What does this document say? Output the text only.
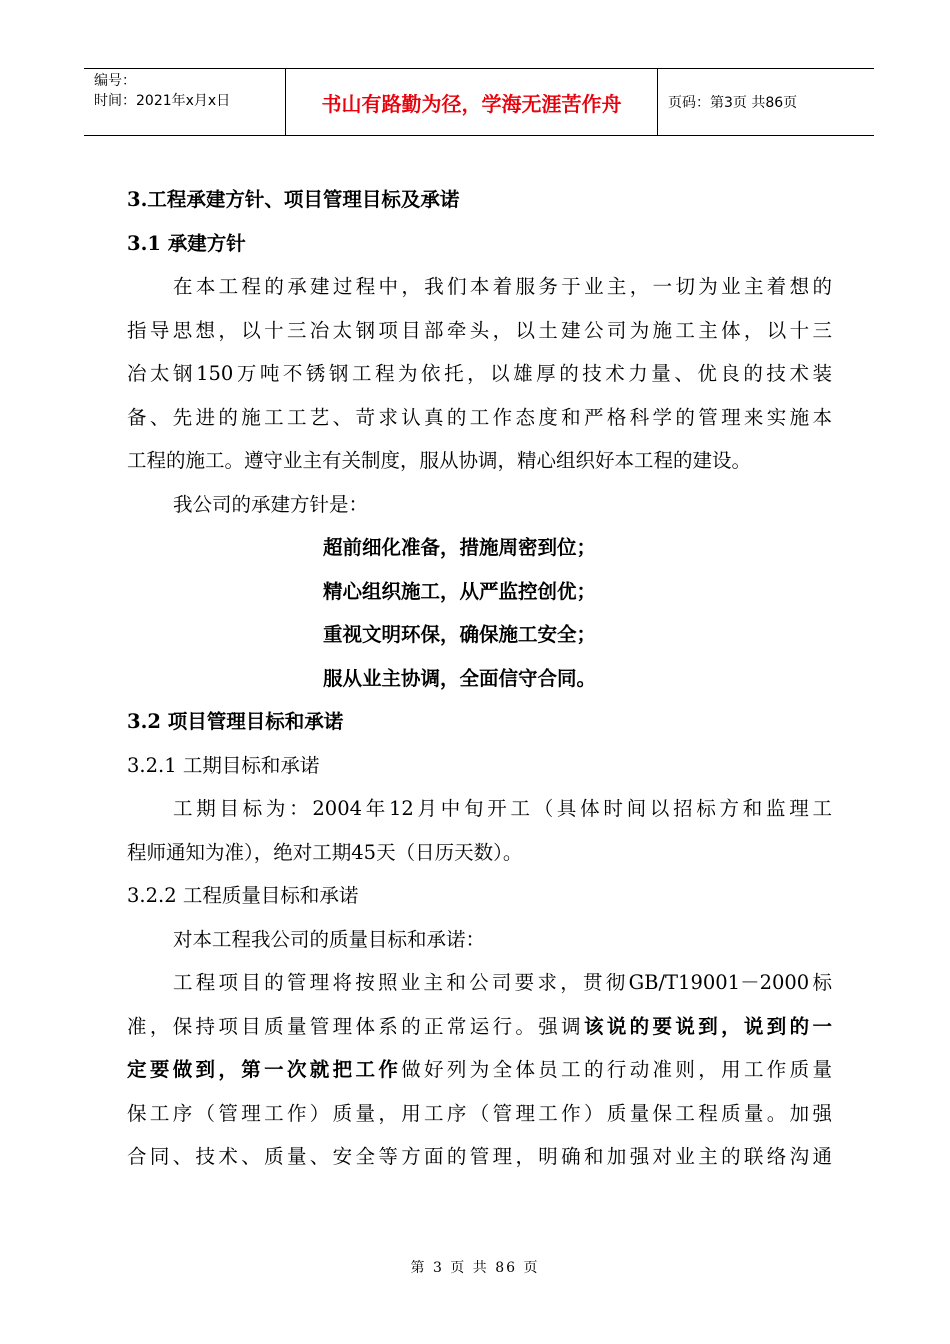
编号：
时间：2021年x月x日	书山有路勤为径，学海无涯苦作舟	页码：第3页 共86页
3.工程承建方针、项目管理目标及承诺
3.1 承建方针
在本工程的承建过程中，我们本着服务于业主，一切为业主着想的
指导思想，以十三冶太钢项目部牵头，以土建公司为施工主体，以十三
冶太钢150万吨不锈钢工程为依托，以雄厚的技术力量、优良的技术装
备、先进的施工工艺、苛求认真的工作态度和严格科学的管理来实施本
工程的施工。遵守业主有关制度，服从协调，精心组织好本工程的建设。
我公司的承建方针是：
超前细化准备，措施周密到位；
精心组织施工，从严监控创优；
重视文明环保，确保施工安全；
服从业主协调，全面信守合同。
3.2 项目管理目标和承诺
3.2.1 工期目标和承诺
工期目标为：2004年12月中旬开工（具体时间以招标方和监理工
程师通知为准），绝对工期45天（日历天数）。
3.2.2 工程质量目标和承诺
对本工程我公司的质量目标和承诺：
工程项目的管理将按照业主和公司要求，贯彻GB/T19001－2000标
准，保持项目质量管理体系的正常运行。强调该说的要说到，说到的一
定要做到，第一次就把工作做好列为全体员工的行动准则，用工作质量
保工序（管理工作）质量，用工序（管理工作）质量保工程质量。加强
合同、技术、质量、安全等方面的管理，明确和加强对业主的联络沟通
第 3 页 共 86 页
